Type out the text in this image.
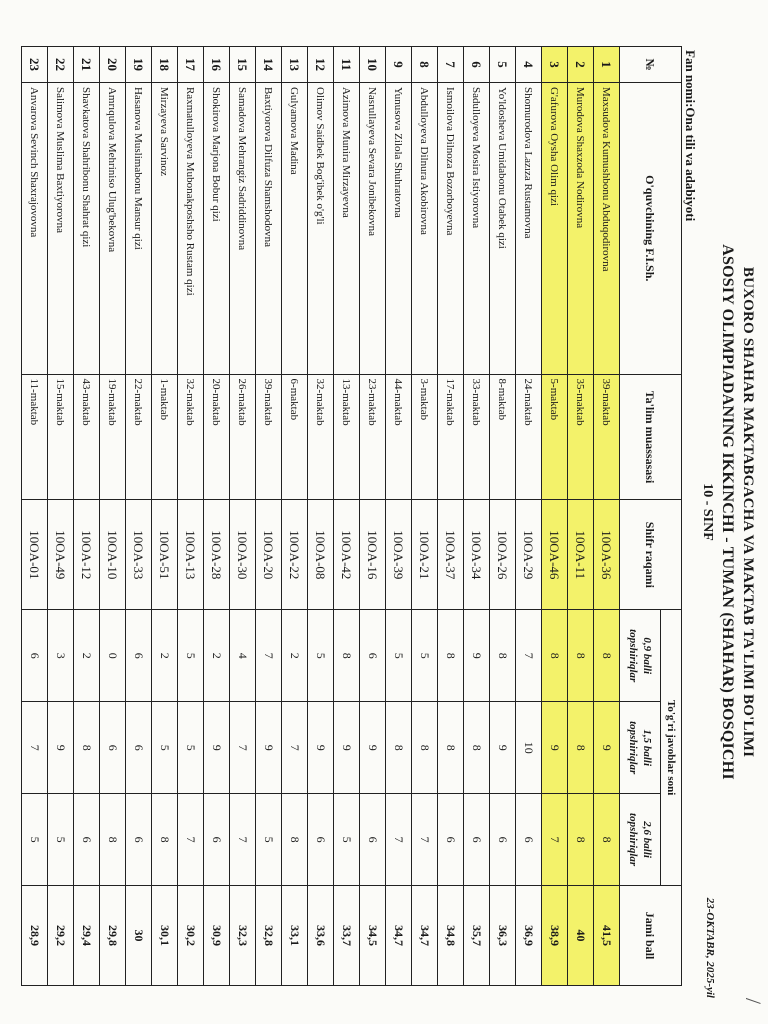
/
BUXORO SHAHAR MAKTABGACHA VA MAKTAB TA'LIMI BO'LIMI
ASOSIY OLIMPIADANING IKKINCHI - TUMAN (SHAHAR) BOSQICHI
10 - SINF
23-OKTABR, 2025-yil
Fan nomi:Ona tili va adabiyoti
№	O'quvchining F.I.Sh.	Ta'lim muassasasi	Shifr raqami	To'g'ri javoblar soni			Jami ball
				0,9 balli topshiriqlar	1,5 balli topshiriqlar	2,6 balli topshiriqlar	
1	Maxsudova Kumushbonu Abduqodirovna	39-maktab	10OA-36	8	9	8	41,5
2	Murodova Shaxzoda Nodirovna	35-maktab	10OA-11	8	8	8	40
3	G'afurova Oysha Olim qizi	5-maktab	10OA-46	8	9	7	38,9
4	Shomurodova Lazıza Rustamovna	24-maktab	10OA-29	7	10	6	36,9
5	Yo'ldosheva Umidabonu Otabek qizi	8-maktab	10OA-26	8	9	6	36,3
6	Sadulloyeva Mosira Istiyorovna	33-maktab	10OA-34	9	8	6	35,7
7	Ismoilova Dilnoza Bozorboyevna	17-maktab	10OA-37	8	8	6	34,8
8	Abdulloyeva Dilnura Akobirovna	3-maktab	10OA-21	5	8	7	34,7
9	Yunusova Zilola Shuhratovna	44-maktab	10OA-39	5	8	7	34,7
10	Nasrullayeva Sevara Jonibekovna	23-maktab	10OA-16	6	9	6	34,5
11	Azimova Munira Mirzayevna	13-maktab	10OA-42	8	9	5	33,7
12	Olimov Saidbek Bog'ibek o'g'li	32-maktab	10OA-08	5	9	6	33,6
13	Gulyamova Madina	6-maktab	10OA-22	2	7	8	33,1
14	Baxtiyorova Dilfuza Shamshodovna	39-maktab	10OA-20	7	9	5	32,8
15	Samadova Mehrangiz Sadriddinovna	26-maktab	10OA-30	4	7	7	32,3
16	Shokirova Marjona Bobur qizi	20-maktab	10OA-28	2	9	6	30,9
17	Raxmatulloyeva Mubonakposhsho Rustam qizi	32-maktab	10OA-13	5	5	7	30,2
18	Mirzayeva Sarvinoz	1-maktab	10OA-51	2	5	8	30,1
19	Hasanova Muslimabonu Mansur qizi	22-maktab	10OA-33	6	6	6	30
20	Amrıqulova Mehriniso Ulug'bekovna	19-maktab	10OA-10	0	6	8	29,8
21	Shavkatova Shahribonu Shahrat qizi	43-maktab	10OA-12	2	8	6	29,4
22	Salimova Muslima Baxtiyorovna	15-maktab	10OA-49	3	9	5	29,2
23	Anvarova Sevinch Shaxrajovovna	11-maktab	10OA-01	6	7	5	28,9
